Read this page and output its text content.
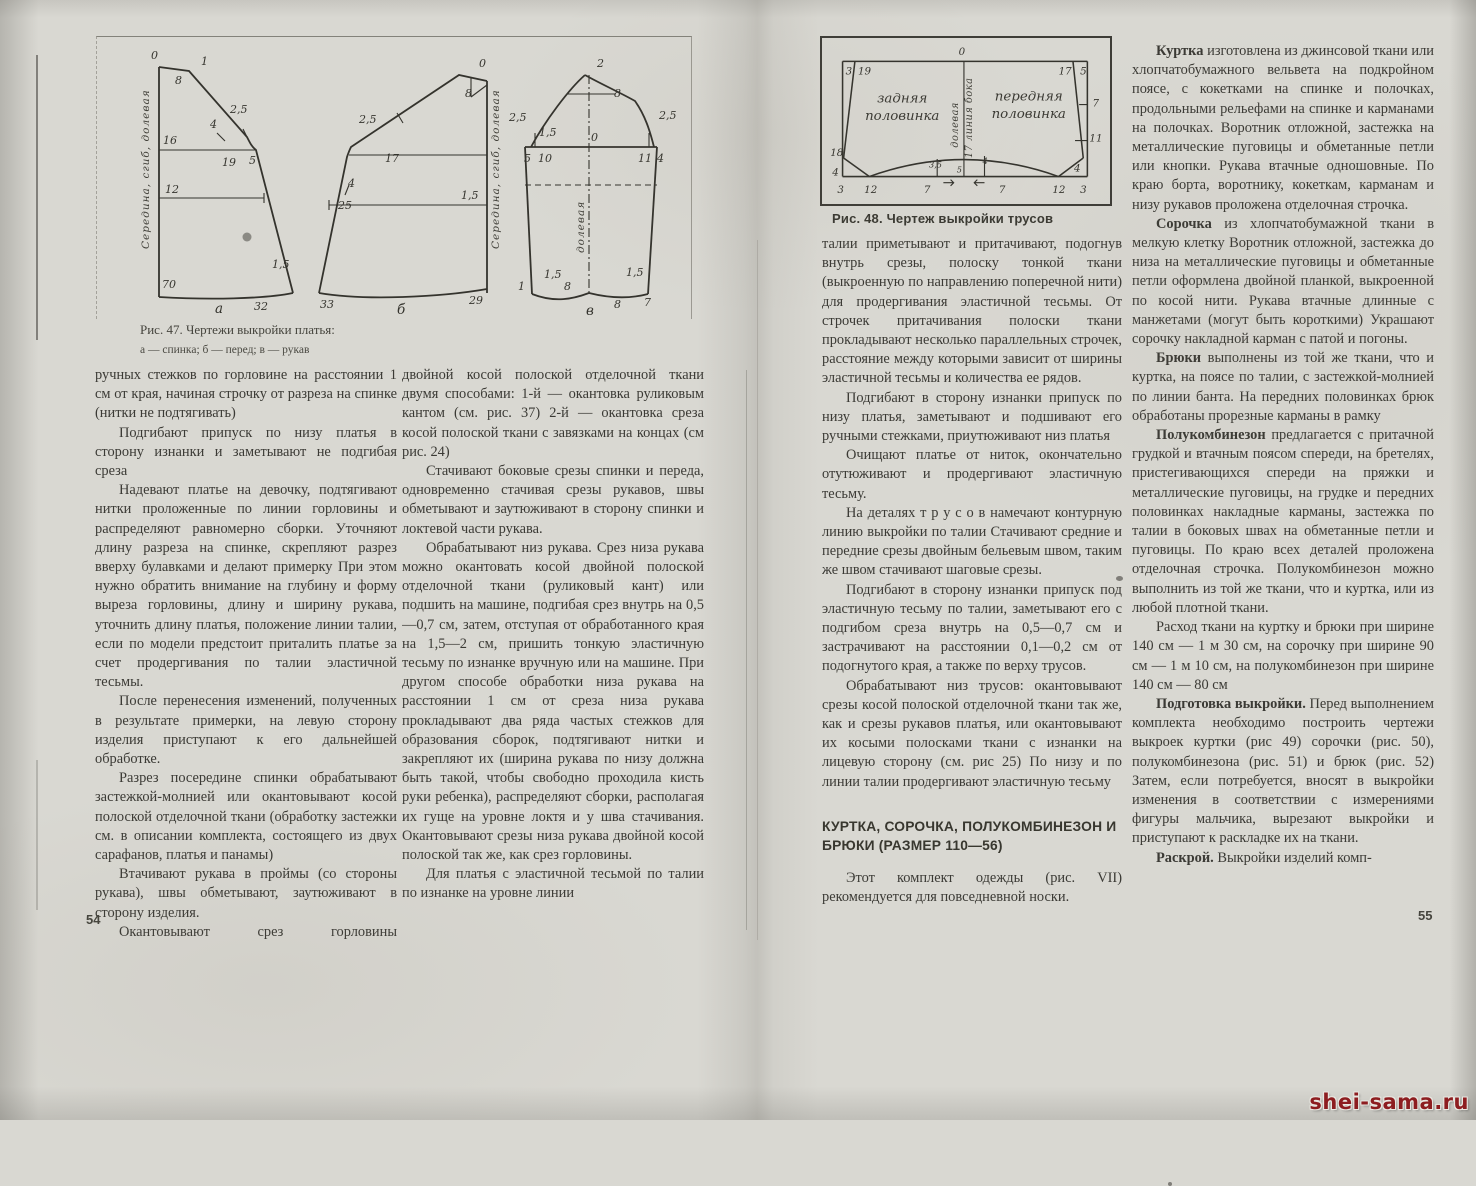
0	1
8
2,5
4
16
19 5
12
70
1,5
32
а
Середина, сгиб, долевая
0
8
2,5
17
4
25
1,5
33	29
б
Середина, сгиб, долевая
2
8
2,5	2,5
1,5	0
5 10	11 4
долевая
1
1,5
8
1,5
8 7
в
Рис. 47. Чертежи выкройки платья:
а — спинка; б — перед; в — рукав

ручных стежков по горловине на расстоянии 1 см от края, начиная строчку от разреза на спинке (нитки не подтягивать)

Подгибают припуск по низу платья в сторону изнанки и заметывают не подгибая среза

Надевают платье на девочку, подтягивают нитки проложенные по линии горловины и распределяют равномерно сборки. Уточняют длину разреза на спинке, скрепляют разрез вверху булавками и делают примерку При этом нужно обратить внимание на глубину и форму выреза горловины, длину и ширину рукава, уточнить длину платья, положение линии талии, если по модели предстоит приталить платье за счет продергивания по талии эластичной тесьмы.

После перенесения изменений, полученных в результате примерки, на левую сторону изделия приступают к его дальнейшей обработке.

Разрез посередине спинки обрабатывают застежкой-молнией или окантовывают косой полоской отделочной ткани (обработку застежки см. в описании комплекта, состоящего из двух сарафанов, платья и панамы)

Втачивают рукава в проймы (со стороны рукава), швы обметывают, заутюживают в сторону изделия.

Окантовывают срез горловины

двойной косой полоской отделочной ткани двумя способами: 1-й — окантовка руликовым кантом (см. рис. 37) 2-й — окантовка среза косой полоской ткани с завязками на концах (см рис. 24)

Стачивают боковые срезы спинки и переда, одновременно стачивая срезы рукавов, швы обметывают и заутюживают в сторону спинки и локтевой части рукава.

Обрабатывают низ рукава. Срез низа рукава можно окантовать косой двойной полоской отделочной ткани (руликовый кант) или подшить на машине, подгибая срез внутрь на 0,5—0,7 см, затем, отступая от обработанного края на 1,5—2 см, пришить тонкую эластичную тесьму по изнанке вручную или на машине. При другом способе обработки низа рукава на расстоянии 1 см от среза низа рукава прокладывают два ряда частых стежков для образования сборок, подтягивают нитки и закрепляют их (ширина рукава по низу должна быть такой, чтобы свободно проходила кисть руки ребенка), распределяют сборки, располагая их гуще на уровне локтя и у шва стачивания. Окантовывают срезы низа рукава двойной косой полоской так же, как срез горловины.

Для платья с эластичной тесьмой по талии по изнанке на уровне линии

54
0
3 19	17 5
задняя
половинка
передняя
половинка
долевая 17 линия бока
18
4
3 12	7	7	12 3
7
11
4
3,5
5
4
Рис. 48. Чертеж выкройки трусов

талии приметывают и притачивают, подогнув внутрь срезы, полоску тонкой ткани (выкроенную по направлению поперечной нити) для продергивания эластичной тесьмы. От строчек притачивания полоски ткани прокладывают несколько параллельных строчек, расстояние между которыми зависит от ширины эластичной тесьмы и количества ее рядов.

Подгибают в сторону изнанки припуск по низу платья, заметывают и подшивают его ручными стежками, приутюживают низ платья

Очищают платье от ниток, окончательно отутюживают и продергивают эластичную тесьму.

На деталях т р у с о в намечают контурную линию выкройки по талии Стачивают средние и передние срезы двойным бельевым швом, таким же швом стачивают шаговые срезы.

Подгибают в сторону изнанки припуск под эластичную тесьму по талии, заметывают его с подгибом среза внутрь на 0,5—0,7 см и застрачивают на расстоянии 0,1—0,2 см от подогнутого края, а также по верху трусов.

Обрабатывают низ трусов: окантовывают срезы косой полоской отделочной ткани так же, как и срезы рукавов платья, или окантовывают их косыми полосками ткани с изнанки на лицевую сторону (см. рис 25) По низу и по линии талии продергивают эластичную тесьму

КУРТКА, СОРОЧКА, ПОЛУКОМБИНЕЗОН И БРЮКИ (РАЗМЕР 110—56)

Этот комплект одежды (рис. VII) рекомендуется для повседневной носки.

Куртка изготовлена из джинсовой ткани или хлопчатобумажного вельвета на подкройном поясе, с кокетками на спинке и полочках, продольными рельефами на спинке и карманами на полочках. Воротник отложной, застежка на металлические пуговицы и обметанные петли или кнопки. Рукава втачные одношовные. По краю борта, воротнику, кокеткам, карманам и низу рукавов проложена отделочная строчка.

Сорочка из хлопчатобумажной ткани в мелкую клетку Воротник отложной, застежка до низа на металлические пуговицы и обметанные петли оформлена двойной планкой, выкроенной по косой нити. Рукава втачные длинные с манжетами (могут быть короткими) Украшают сорочку накладной карман с патой и погоны.

Брюки выполнены из той же ткани, что и куртка, на поясе по талии, с застежкой-молнией по линии банта. На передних половинках брюк обработаны прорезные карманы в рамку

Полукомбинезон предлагается с притачной грудкой и втачным поясом спереди, на бретелях, пристегивающихся спереди на пряжки и металлические пуговицы, на грудке и передних половинках накладные карманы, застежка по талии в боковых швах на обметанные петли и пуговицы. По краю всех деталей проложена отделочная строчка. Полукомбинезон можно выполнить из той же ткани, что и куртка, или из любой плотной ткани.

Расход ткани на куртку и брюки при ширине 140 см — 1 м 30 см, на сорочку при ширине 90 см — 1 м 10 см, на полукомбинезон при ширине 140 см — 80 см

Подготовка выкройки. Перед выполнением комплекта необходимо построить чертежи выкроек куртки (рис 49) сорочки (рис. 50), полукомбинезона (рис. 51) и брюк (рис. 52) Затем, если потребуется, вносят в выкройки изменения в соответствии с измерениями фигуры мальчика, вырезают выкройки и приступают к раскладке их на ткани.

Раскрой. Выкройки изделий комп-

55
shei-sama.ru
